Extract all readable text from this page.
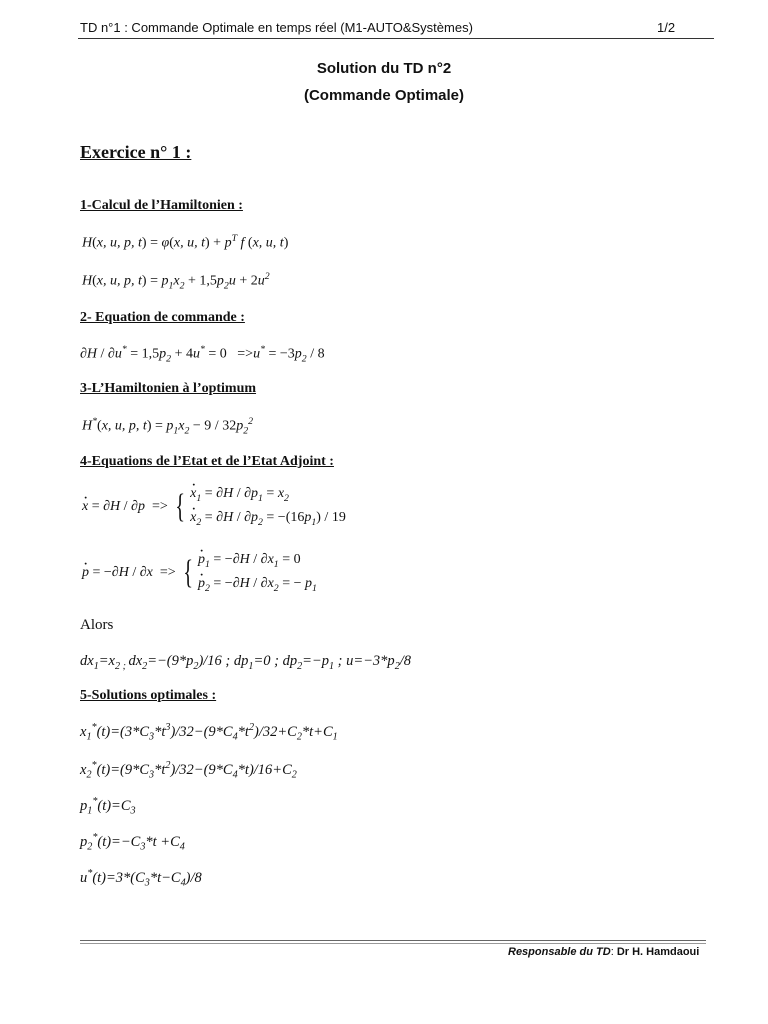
TD n°1 : Commande Optimale en temps réel (M1-AUTO&Systèmes)	1/2
Solution du TD n°2
(Commande Optimale)
Exercice n° 1 :
1-Calcul de l’Hamiltonien :
H(x, u, p, t) = φ(x, u, $t) + p^T$ f (x, u, t)
H(x, u, p, $t) = p_1x_2 + 1,5p_2u + 2u^2$
2- Equation de commande :
$\partial H / \partial u^* = 1,5p_2 + 4u^* = 0 =>u^* = -3p_2 / 8$
3-L’Hamiltonien à l’optimum
H*(x, u, p, $t) = p_1x_2 - 9 / 32p_2^2$
4-Equations de l’Etat et de l’Etat Adjoint :
x · = ∂H / ∂p  => { $x \cdot_1 = \partial H / \partial p_1 = x_2$
$x \cdot_2 = \partial H / \partial p_2 = -(16p_1) / 19$
p · = −∂H / ∂x  => { $p \cdot_1 = -\partial H / \partial x_1 = 0$
$p \cdot_2 = -\partial H / \partial x_2$ = − $p_1$
Alors
$dx_1=x_{2 ;}$ $dx_2=-(9*p_2)/16$ ; $dp_1=0$ ; $dp_2=-p_1$ ; $u=-3*p_2/8$
5-Solutions optimales :
$x_1^*(t)=(3*C_3*t^3)/32-(9*C_4*t^2)/32+C_2*t+C_1$
$x_2^*(t)=(9*C_3*t^2)/32-(9*C_4*t)/16+C_2$
$p_1^*(t)=C_3$
$p_2^*(t)=-C_3*t +C_4$
$u^*(t)=3*(C_3*t-C_4)/8$
Responsable du TD: Dr H. Hamdaoui
